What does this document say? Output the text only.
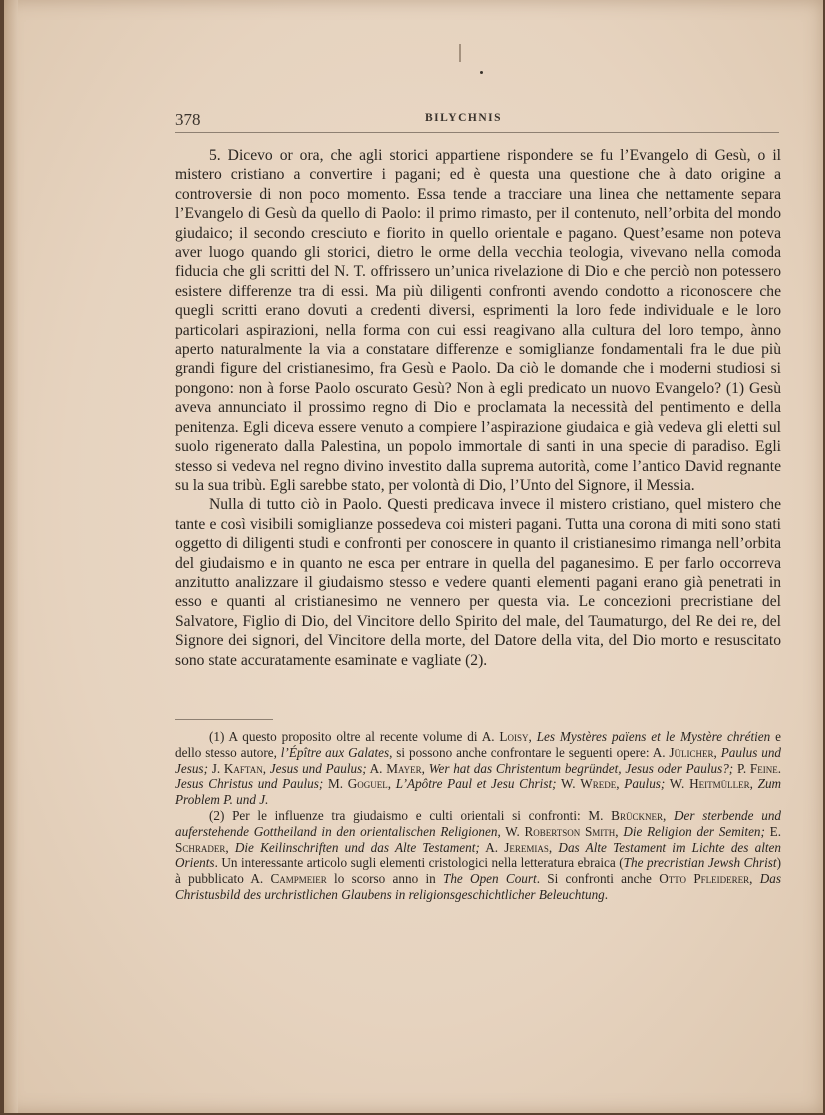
378	BILYCHNIS

5. Dicevo or ora, che agli storici appartiene rispondere se fu l’Evangelo di Gesù, o il mistero cristiano a convertire i pagani; ed è questa una questione che à dato origine a controversie di non poco momento. Essa tende a tracciare una linea che nettamente separa l’Evangelo di Gesù da quello di Paolo: il primo rimasto, per il contenuto, nell’orbita del mondo giudaico; il secondo cresciuto e fiorito in quello orientale e pagano. Quest’esame non poteva aver luogo quando gli storici, dietro le orme della vecchia teologia, vivevano nella comoda fiducia che gli scritti del N. T. offrissero un’unica rivelazione di Dio e che perciò non potessero esistere differenze tra di essi. Ma più diligenti confronti avendo condotto a riconoscere che quegli scritti erano dovuti a credenti diversi, esprimenti la loro fede individuale e le loro particolari aspirazioni, nella forma con cui essi reagivano alla cultura del loro tempo, ànno aperto naturalmente la via a constatare differenze e somiglianze fondamentali fra le due più grandi figure del cristianesimo, fra Gesù e Paolo. Da ciò le domande che i moderni studiosi si pongono: non à forse Paolo oscurato Gesù? Non à egli predicato un nuovo Evangelo? (1) Gesù aveva annunciato il prossimo regno di Dio e proclamata la necessità del pentimento e della penitenza. Egli diceva essere venuto a compiere l’aspirazione giudaica e già vedeva gli eletti sul suolo rigenerato dalla Palestina, un popolo immortale di santi in una specie di paradiso. Egli stesso si vedeva nel regno divino investito dalla suprema autorità, come l’antico David regnante su la sua tribù. Egli sarebbe stato, per volontà di Dio, l’Unto del Signore, il Messia.

Nulla di tutto ciò in Paolo. Questi predicava invece il mistero cristiano, quel mistero che tante e così visibili somiglianze possedeva coi misteri pagani. Tutta una corona di miti sono stati oggetto di diligenti studi e confronti per conoscere in quanto il cristianesimo rimanga nell’orbita del giudaismo e in quanto ne esca per entrare in quella del paganesimo. E per farlo occorreva anzitutto analizzare il giudaismo stesso e vedere quanti elementi pagani erano già penetrati in esso e quanti al cristianesimo ne vennero per questa via. Le concezioni precristiane del Salvatore, Figlio di Dio, del Vincitore dello Spirito del male, del Taumaturgo, del Re dei re, del Signore dei signori, del Vincitore della morte, del Datore della vita, del Dio morto e resuscitato sono state accuratamente esaminate e vagliate (2).

(1) A questo proposito oltre al recente volume di A. Loisy, Les Mystères païens et le Mystère chrétien e dello stesso autore, l’Épître aux Galates, si possono anche confrontare le seguenti opere: A. Jülicher, Paulus und Jesus; J. Kaftan, Jesus und Paulus; A. Mayer, Wer hat das Christentum begründet, Jesus oder Paulus?; P. Feine. Jesus Christus und Paulus; M. Goguel, L’Apôtre Paul et Jesu Christ; W. Wrede, Paulus; W. Heitmüller, Zum Problem P. und J.

(2) Per le influenze tra giudaismo e culti orientali si confronti: M. Brückner, Der sterbende und auferstehende Gottheiland in den orientalischen Religionen, W. Robertson Smith, Die Religion der Semiten; E. Schrader, Die Keilinschriften und das Alte Testament; A. Jeremias, Das Alte Testament im Lichte des alten Orients. Un interessante articolo sugli elementi cristologici nella letteratura ebraica (The precristian Jewsh Christ) à pubblicato A. Campmeier lo scorso anno in The Open Court. Si confronti anche Otto Pfleiderer, Das Christusbild des urchristlichen Glaubens in religionsgeschichtlicher Beleuchtung.
